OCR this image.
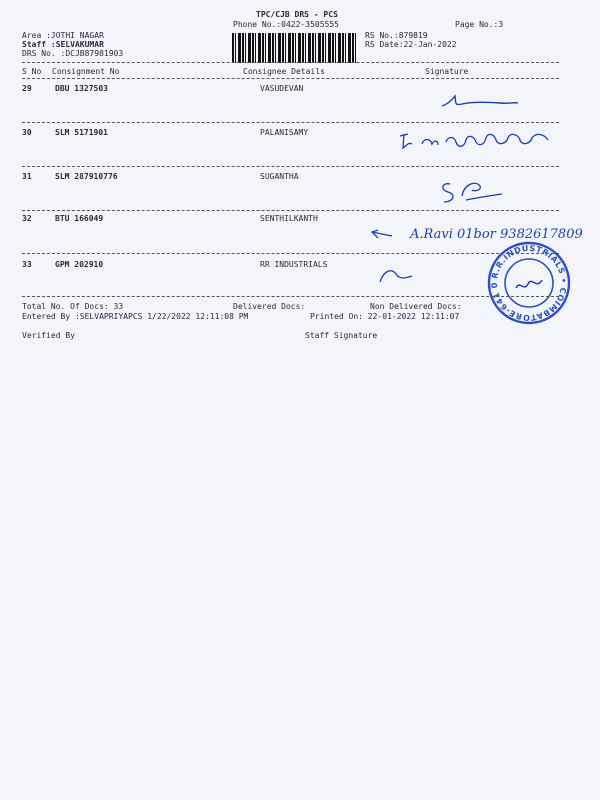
TPC/CJB DRS - PCS
Phone No.:0422-3505555	Page No.:3
Area :JOTHI NAGAR
Staff :SELVAKUMAR
DRS No. :DCJB87981903
RS No.:879819
RS Date:22-Jan-2022
S No Consignment No	Consignee Details	Signature
29	DBU 1327503	VASUDEVAN
30	SLM 5171901	PALANISAMY
31	SLM 287910776	SUGANTHA
32	BTU 166049	SENTHILKANTH
A.Ravi 01bor 9382617809
33	GPM 202910	RR INDUSTRIALS
R.R.INDUSTRIALS • COIMBATORE-641 0
Total No. Of Docs: 33	Delivered Docs:	Non Delivered Docs:
Entered By :SELVAPRIYAPCS 1/22/2022 12:11:08 PM	Printed On: 22-01-2022 12:11:07
Verified By	Staff Signature
